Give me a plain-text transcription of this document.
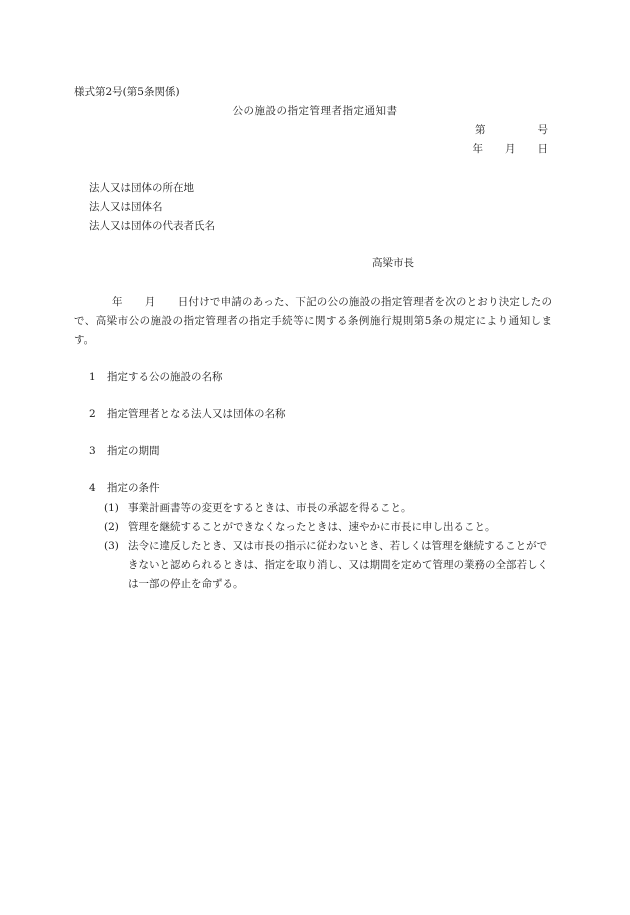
様式第2号(第5条関係)
公の施設の指定管理者指定通知書
第	号
年 月 日
法人又は団体の所在地
法人又は団体名
法人又は団体の代表者氏名
高梁市長
年 月 日付けで申請のあった、下記の公の施設の指定管理者を次のとおり決定したので、高梁市公の施設の指定管理者の指定手続等に関する条例施行規則第5条の規定により通知します。
1 指定する公の施設の名称
2 指定管理者となる法人又は団体の名称
3 指定の期間
4 指定の条件
(1) 事業計画書等の変更をするときは、市長の承認を得ること。
(2) 管理を継続することができなくなったときは、速やかに市長に申し出ること。
(3) 法令に違反したとき、又は市長の指示に従わないとき、若しくは管理を継続することができないと認められるときは、指定を取り消し、又は期間を定めて管理の業務の全部若しくは一部の停止を命ずる。
